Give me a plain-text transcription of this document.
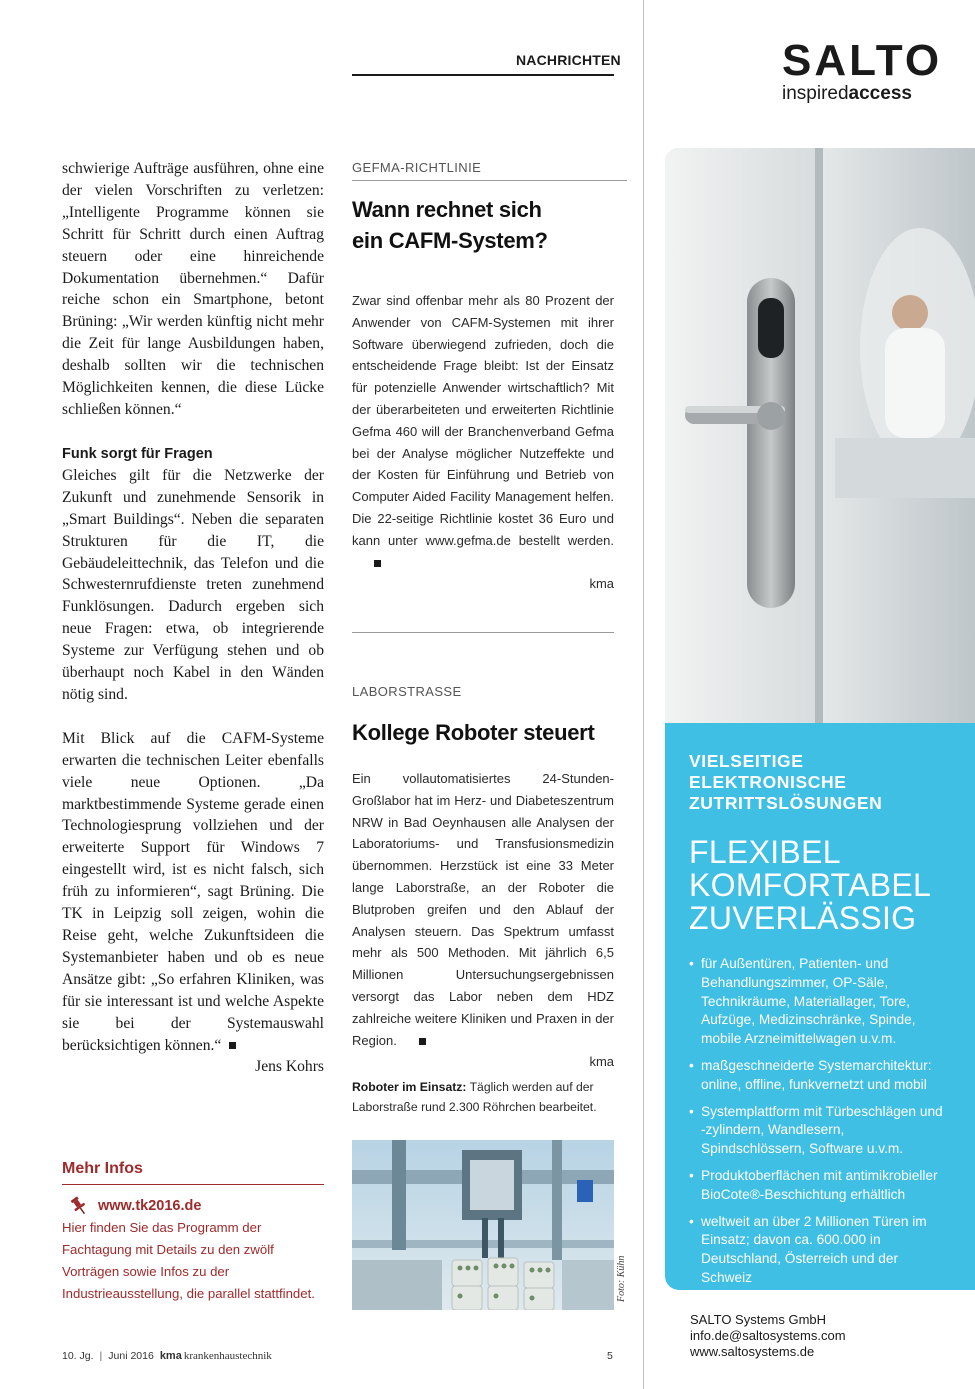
NACHRICHTEN

schwierige Aufträge ausführen, ohne eine der vielen Vorschriften zu verletzen: „Intelligente Programme können sie Schritt für Schritt durch einen Auftrag steuern oder eine hinreichende Dokumentation übernehmen.“ Dafür reiche schon ein Smartphone, betont Brüning: „Wir werden künftig nicht mehr die Zeit für lange Ausbildungen haben, deshalb sollten wir die technischen Möglichkeiten kennen, die diese Lücke schließen können.“

Funk sorgt für Fragen

Gleiches gilt für die Netzwerke der Zukunft und zunehmende Sensorik in „Smart Buildings“. Neben die separaten Strukturen für die IT, die Gebäudeleittechnik, das Telefon und die Schwesternrufdienste treten zunehmend Funklösungen. Dadurch ergeben sich neue Fragen: etwa, ob integrierende Systeme zur Verfügung stehen und ob überhaupt noch Kabel in den Wänden nötig sind.

Mit Blick auf die CAFM-Systeme erwarten die technischen Leiter ebenfalls viele neue Optionen. „Da marktbestimmende Systeme gerade einen Technologiesprung vollziehen und der erweiterte Support für Windows 7 eingestellt wird, ist es nicht falsch, sich früh zu informieren“, sagt Brüning. Die TK in Leipzig soll zeigen, wohin die Reise geht, welche Zukunftsideen die Systemanbieter haben und ob es neue Ansätze gibt: „So erfahren Kliniken, was für sie interessant ist und welche Aspekte sie bei der Systemauswahl berücksichtigen können.“

Jens Kohrs

Mehr Infos
www.tk2016.de

Hier finden Sie das Programm der Fachtagung mit Details zu den zwölf Vorträgen sowie Infos zu der Industrieausstellung, die parallel stattfindet.

GEFMA-RICHTLINIE
Wann rechnet sich
ein CAFM-System?

Zwar sind offenbar mehr als 80 Prozent der Anwender von CAFM-Systemen mit ihrer Software überwiegend zufrieden, doch die entscheidende Frage bleibt: Ist der Einsatz für potenzielle Anwender wirtschaftlich? Mit der überarbeiteten und erweiterten Richtlinie Gefma 460 will der Branchenverband Gefma bei der Analyse möglicher Nutzeffekte und der Kosten für Einführung und Betrieb von Computer Aided Facility Management helfen. Die 22-seitige Richtlinie kostet 36 Euro und kann unter www.gefma.de bestellt werden.

kma

LABORSTRASSE
Kollege Roboter steuert

Ein vollautomatisiertes 24-Stunden-Großlabor hat im Herz- und Diabeteszentrum NRW in Bad Oeynhausen alle Analysen der Laboratoriums- und Transfusionsmedizin übernommen. Herzstück ist eine 33 Meter lange Laborstraße, an der Roboter die Blutproben greifen und den Ablauf der Analysen steuern. Das Spektrum umfasst mehr als 500 Methoden. Mit jährlich 6,5 Millionen Untersuchungsergebnissen versorgt das Labor neben dem HDZ zahlreiche weitere Kliniken und Praxen in der Region.

kma

Roboter im Einsatz: Täglich werden auf der Laborstraße rund 2.300 Röhrchen bearbeitet.
Foto: Kühn
10. Jg. | Juni 2016 kma krankenhaustechnik	5
SALTO
inspiredaccess
VIELSEITIGE
ELEKTRONISCHE
ZUTRITTSLÖSUNGEN
FLEXIBEL
KOMFORTABEL
ZUVERLÄSSIG
• für Außentüren, Patienten- und Behandlungszimmer, OP-Säle, Technikräume, Materiallager, Tore, Aufzüge, Medizinschränke, Spinde, mobile Arzneimittelwagen u.v.m.
• maßgeschneiderte Systemarchitektur: online, offline, funkvernetzt und mobil
• Systemplattform mit Türbeschlägen und -zylindern, Wandlesern, Spindschlössern, Software u.v.m.
• Produktoberflächen mit antimikrobieller BioCote®-Beschichtung erhältlich
• weltweit an über 2 Millionen Türen im Einsatz; davon ca. 600.000 in Deutschland, Österreich und der Schweiz
SALTO Systems GmbH
info.de@saltosystems.com
www.saltosystems.de
